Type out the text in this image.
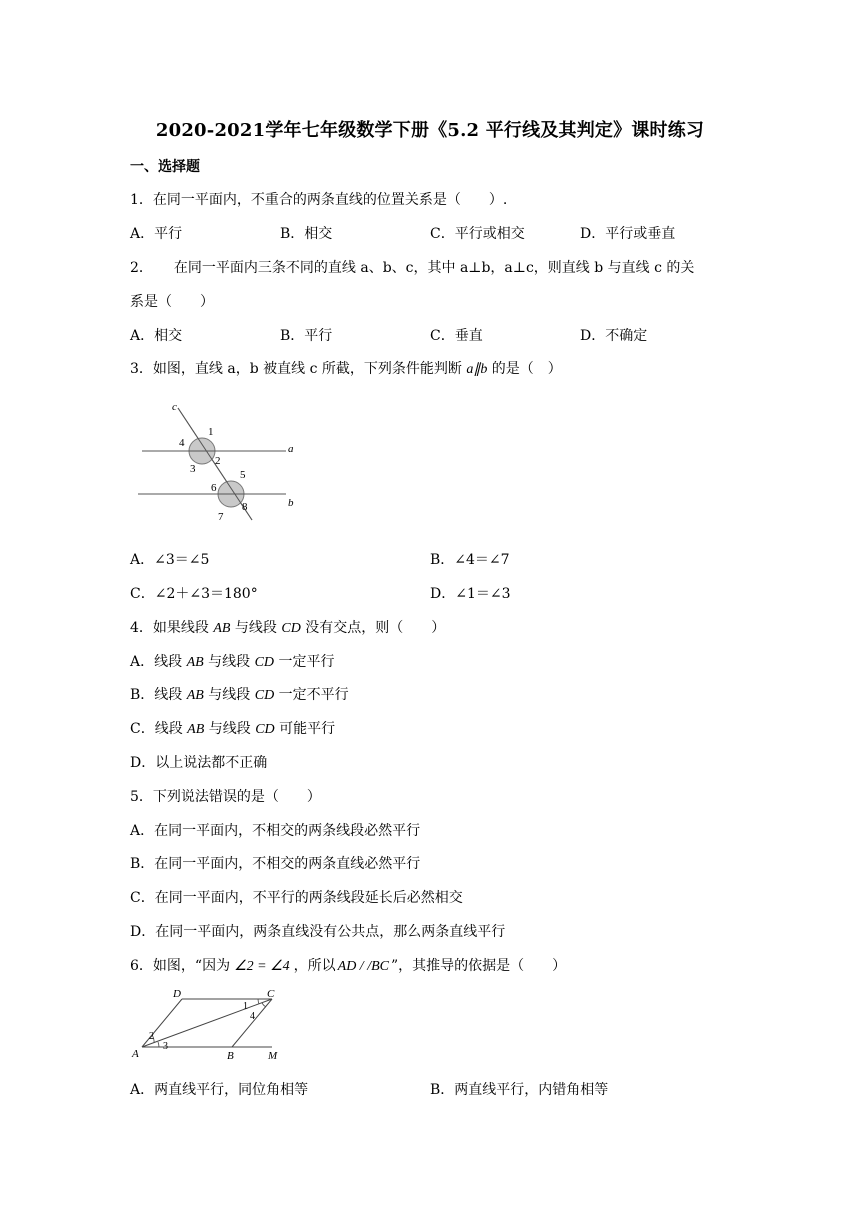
2020-2021学年七年级数学下册《5.2 平行线及其判定》课时练习
一、选择题
1．在同一平面内，不重合的两条直线的位置关系是（　　）.
A．平行	B．相交	C．平行或相交	D．平行或垂直
2．　　在同一平面内三条不同的直线 a、b、c，其中 a⊥b，a⊥c，则直线 b 与直线 c 的关
系是（　　）
A．相交	B．平行	C．垂直	D．不确定
3．如图，直线 a，b 被直线 c 所截，下列条件能判断 a∥b 的是（　）
c
a
b
1
4
3
2
5
6
8
7
A．∠3＝∠5	B．∠4＝∠7
C．∠2＋∠3＝180°	D．∠1＝∠3
4．如果线段 AB 与线段 CD 没有交点，则（　　）
A．线段 AB 与线段 CD 一定平行
B．线段 AB 与线段 CD 一定不平行
C．线段 AB 与线段 CD 可能平行
D．以上说法都不正确
5．下列说法错误的是（　　）
A．在同一平面内，不相交的两条线段必然平行
B．在同一平面内，不相交的两条直线必然平行
C．在同一平面内，不平行的两条线段延长后必然相交
D．在同一平面内，两条直线没有公共点，那么两条直线平行
6．如图，“因为 ∠2 = ∠4 ，所以 AD / /BC ”，其推导的依据是（　　）
D	C
A	B	M
1
4
2
3
A．两直线平行，同位角相等	B．两直线平行，内错角相等
